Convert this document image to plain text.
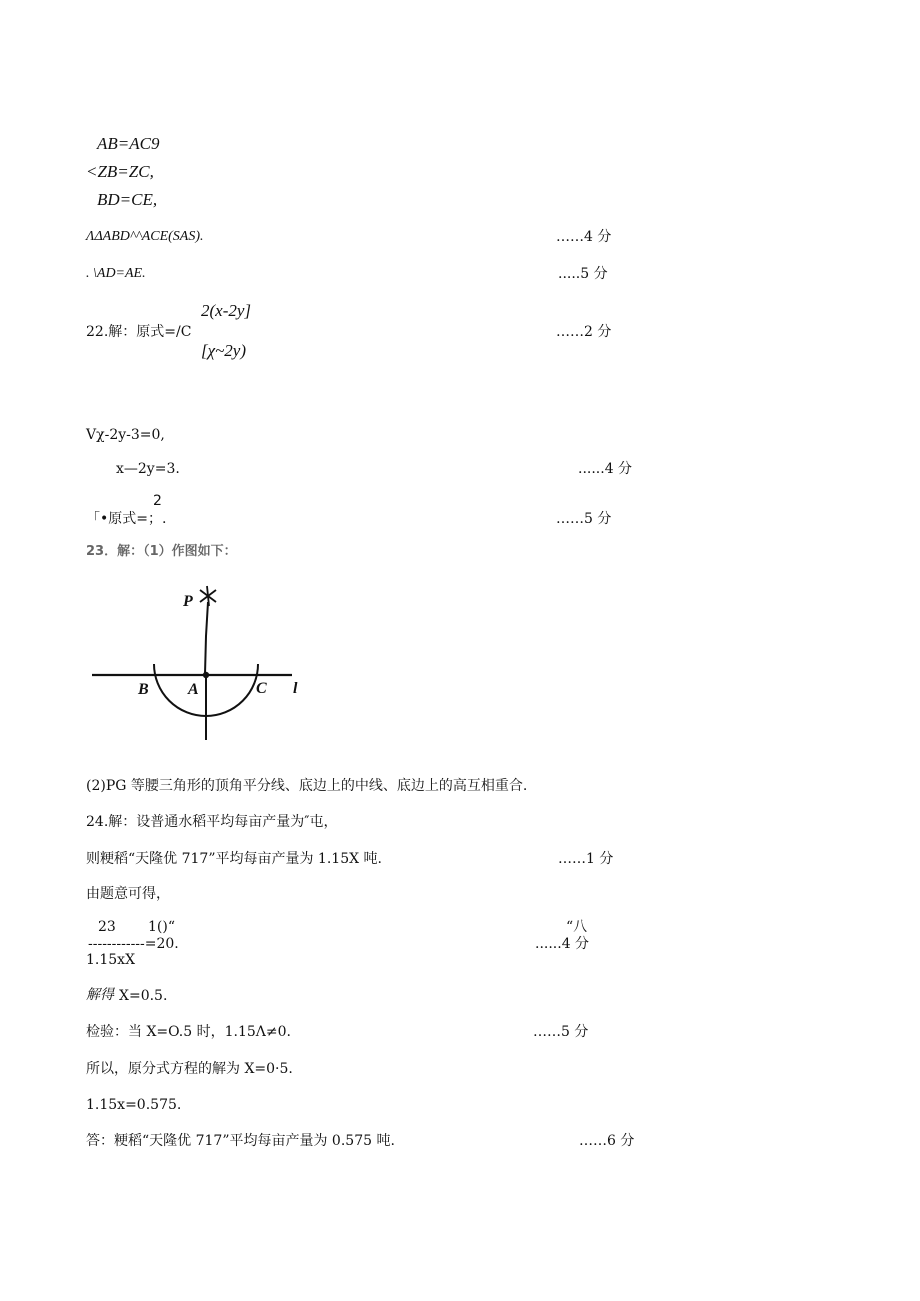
AB=AC9
<ZB=ZC,
BD=CE,
ΛΔABD^^ACE(SAS).	……4 分
. \AD=AE.	.....5 分
22.解：原式=/C
2(x-2y]
[χ~2y)
……2 分
Vχ-2y-3=0,
x—2y=3.	......4 分
2
「•原式=；.	……5 分
23．解：（1）作图如下：
P
B A	C l
(2)PG 等腰三角形的顶角平分线、底边上的中线、底边上的高互相重合.
24.解：设普通水稻平均每亩产量为″屯，
则粳稻“天隆优 717”平均每亩产量为 1.15X 吨.	……1 分
由题意可得，
23 1()“	“八
------------=20.	......4 分
1.15xX
解得 X=0.5.
检验：当 X=O.5 时，1.15Λ≠0.	……5 分
所以，原分式方程的解为 X=0·5.
1.15x=0.575.
答：粳稻“天隆优 717”平均每亩产量为 0.575 吨.	……6 分
